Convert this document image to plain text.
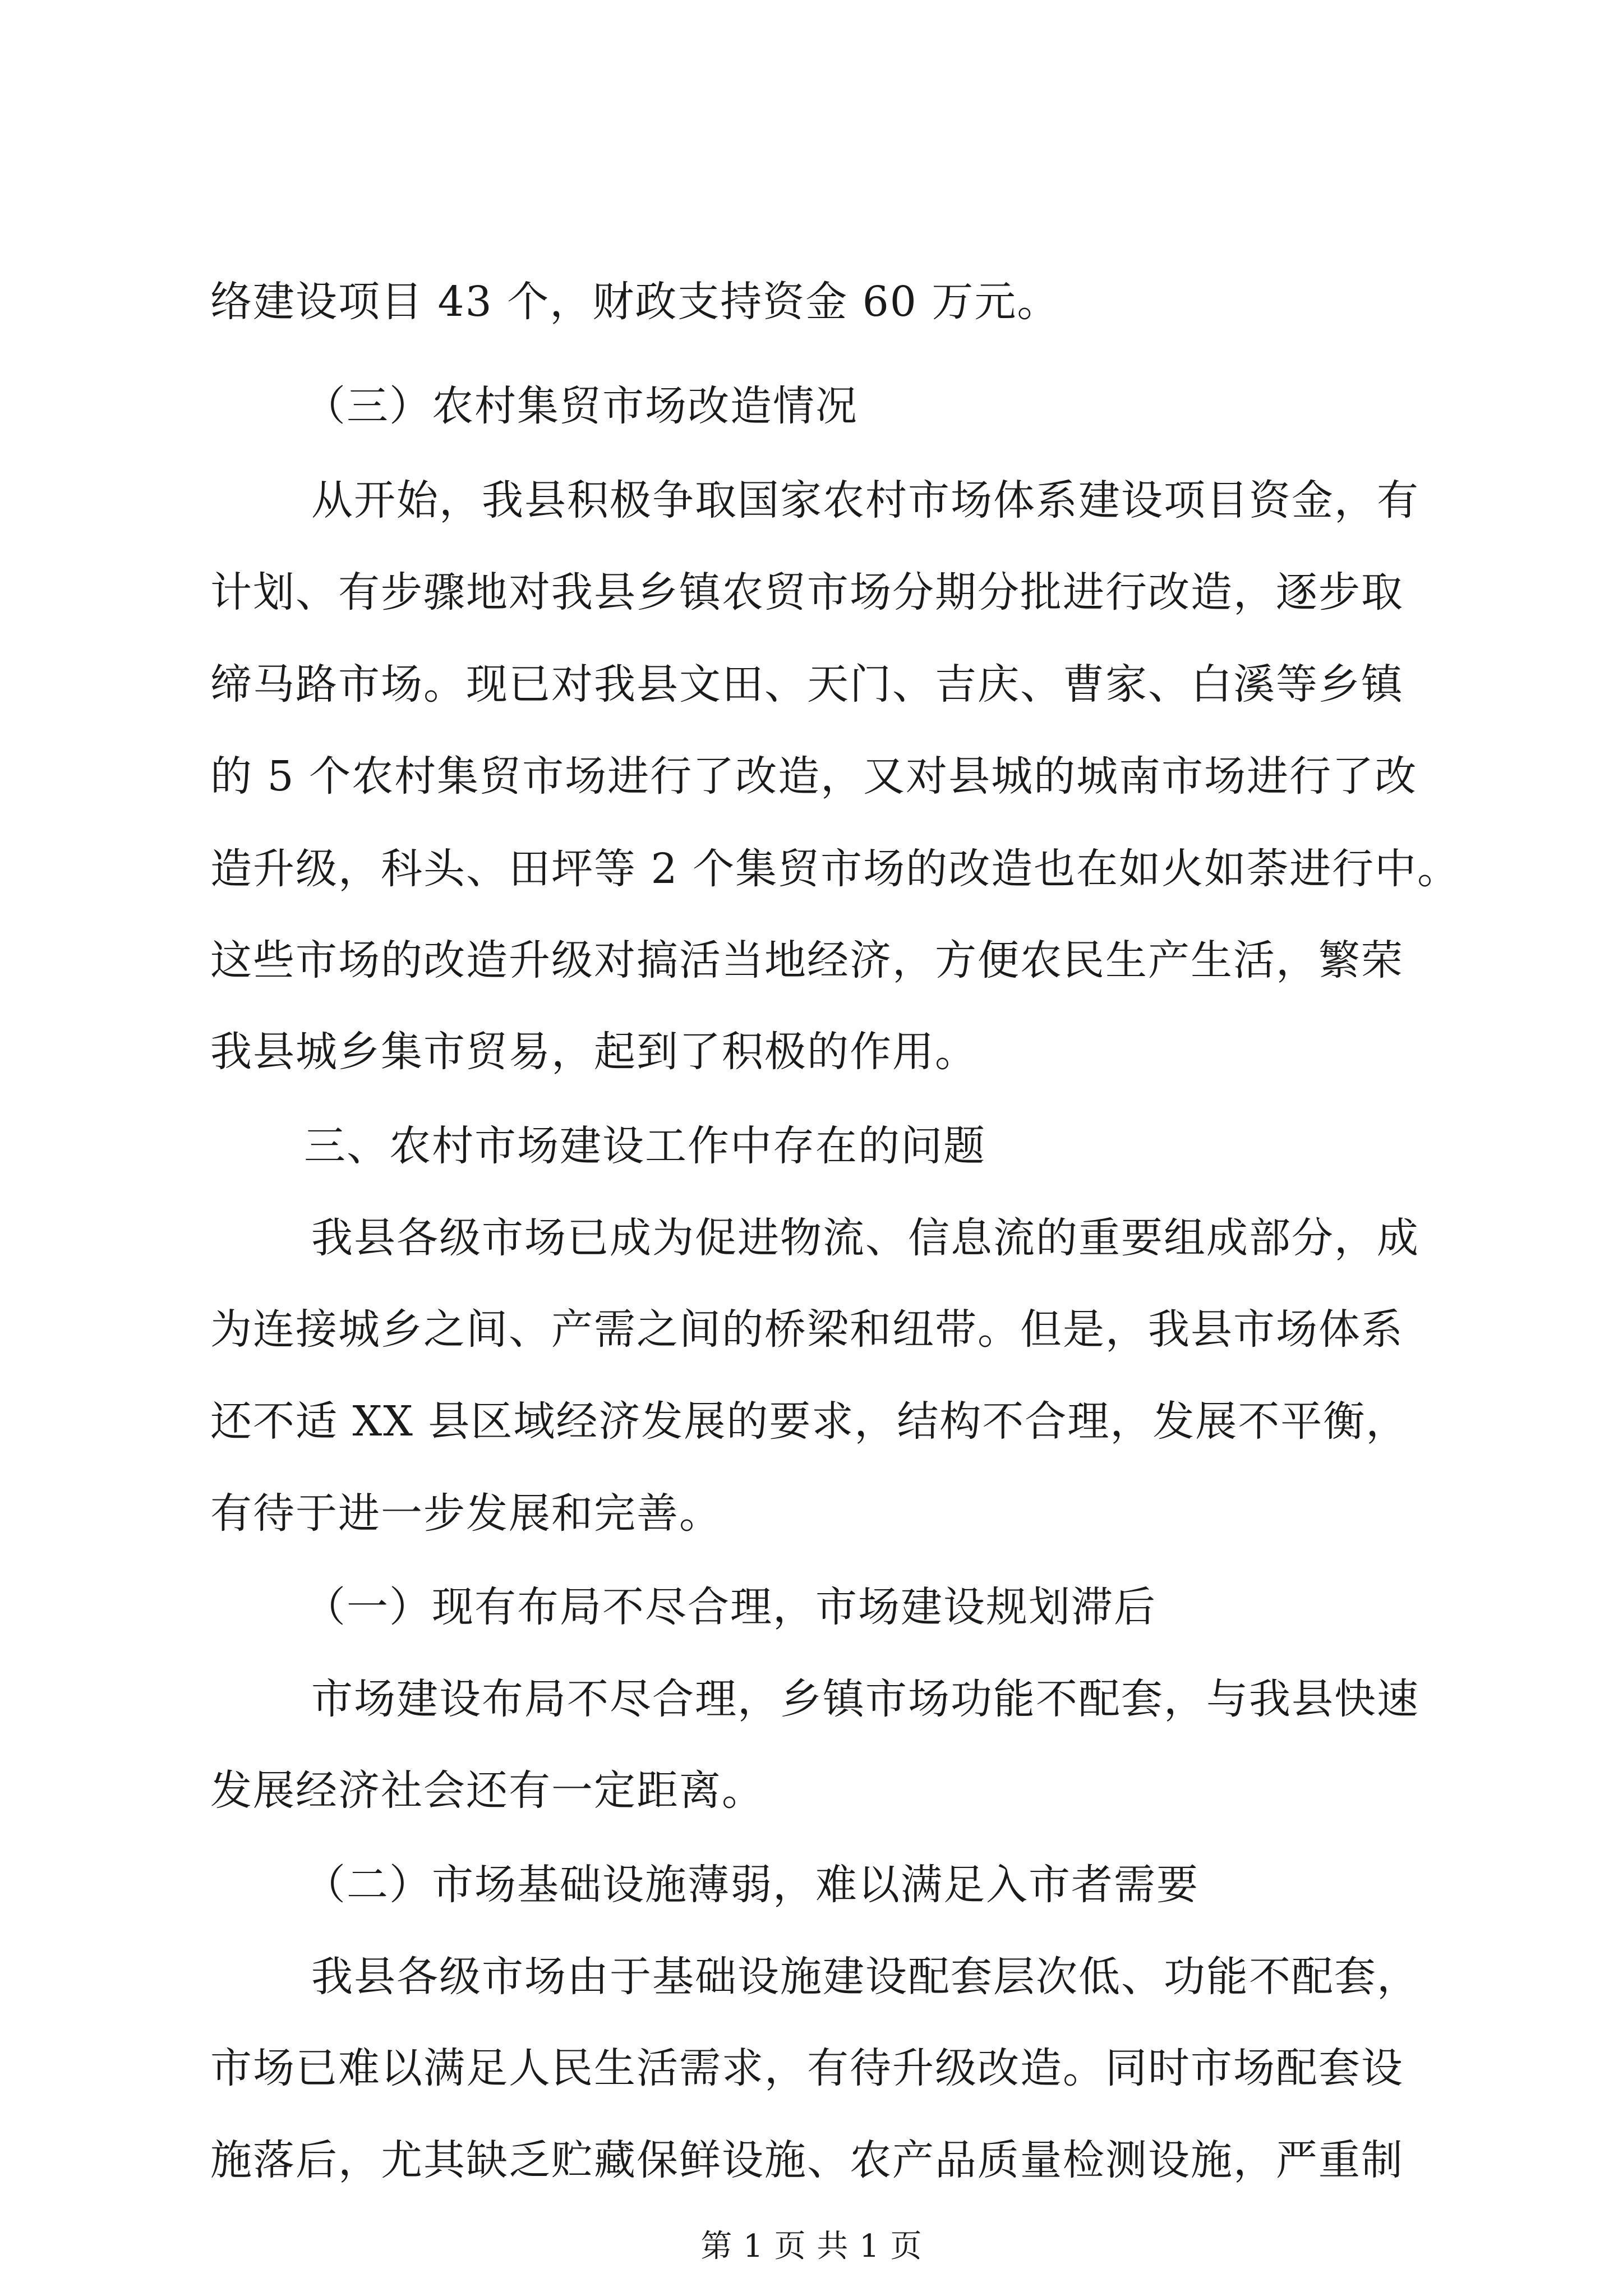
络建设项目 43 个，财政支持资金 60 万元。

（三）农村集贸市场改造情况

从开始，我县积极争取国家农村市场体系建设项目资金，有

计划、有步骤地对我县乡镇农贸市场分期分批进行改造，逐步取

缔马路市场。现已对我县文田、天门、吉庆、曹家、白溪等乡镇

的 5 个农村集贸市场进行了改造，又对县城的城南市场进行了改

造升级，科头、田坪等 2 个集贸市场的改造也在如火如荼进行中。

这些市场的改造升级对搞活当地经济，方便农民生产生活，繁荣

我县城乡集市贸易，起到了积极的作用。

三、农村市场建设工作中存在的问题

我县各级市场已成为促进物流、信息流的重要组成部分，成

为连接城乡之间、产需之间的桥梁和纽带。但是，我县市场体系

还不适 XX 县区域经济发展的要求，结构不合理，发展不平衡，

有待于进一步发展和完善。

（一）现有布局不尽合理，市场建设规划滞后

市场建设布局不尽合理，乡镇市场功能不配套，与我县快速

发展经济社会还有一定距离。

（二）市场基础设施薄弱，难以满足入市者需要

我县各级市场由于基础设施建设配套层次低、功能不配套，

市场已难以满足人民生活需求，有待升级改造。同时市场配套设

施落后，尤其缺乏贮藏保鲜设施、农产品质量检测设施，严重制

第 1 页 共 1 页
